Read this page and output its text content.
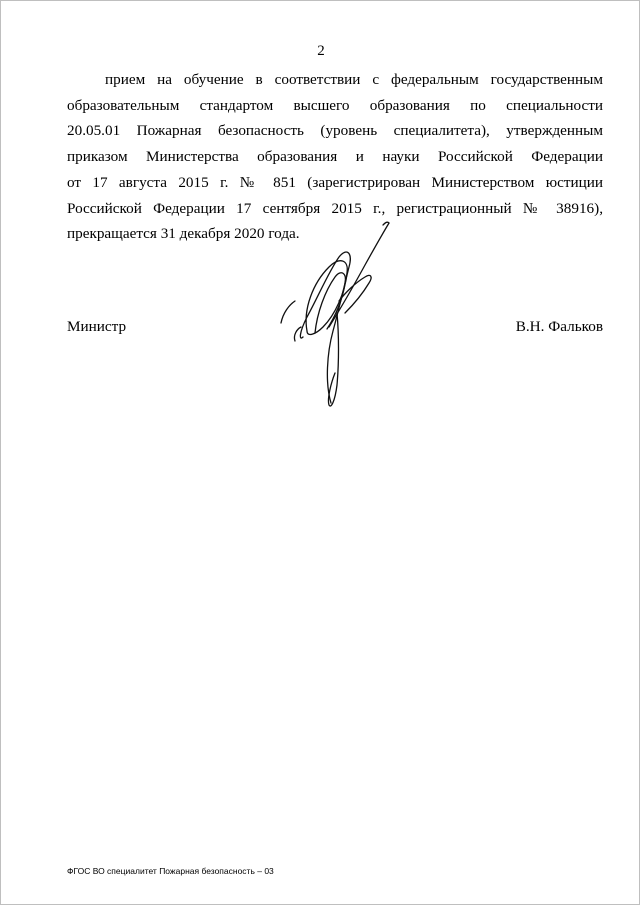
2
прием на обучение в соответствии с федеральным государственным
образовательным стандартом высшего образования по специальности
20.05.01 Пожарная безопасность (уровень специалитета), утвержденным
приказом Министерства образования и науки Российской Федерации
от 17 августа 2015 г. № 851 (зарегистрирован Министерством юстиции
Российской Федерации 17 сентября 2015 г., регистрационный № 38916),
прекращается 31 декабря 2020 года.
Министр	В.Н. Фальков
ФГОС ВО специалитет Пожарная безопасность – 03
